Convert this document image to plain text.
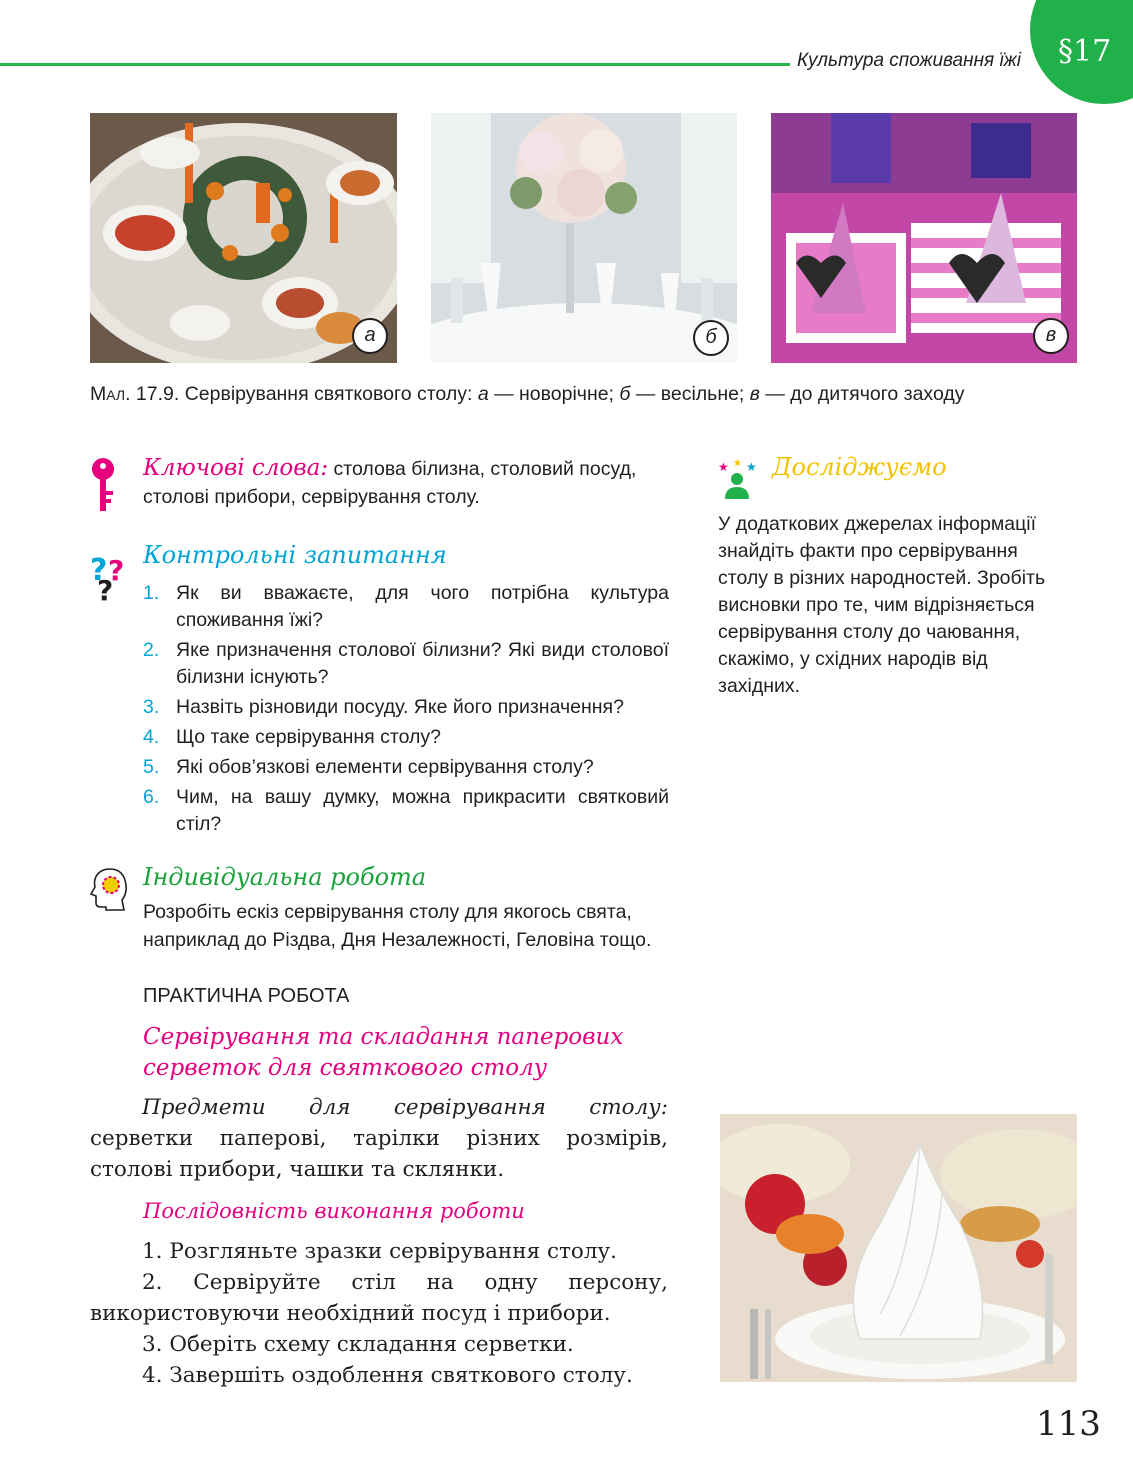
Культура споживання їжі §17
а	б	в
Мал. 17.9. Сервірування святкового столу: а — новорічне; б — весільне; в — до дитячого заходу
Ключові слова: столова білизна, столовий посуд,
столові прибори, сервірування столу.
? ?
?
Контрольні запитання
1. Як ви вважаєте, для чого потрібна культура споживання їжі?
2. Яке призначення столової білизни? Які види столової білизни існують?
3. Назвіть різновиди посуду. Яке його призначення?
4. Що таке сервірування столу?
5. Які обов’язкові елементи сервірування столу?
6. Чим, на вашу думку, можна прикрасити святковий стіл?
Індивідуальна робота
Розробіть ескіз сервірування столу для якогось свята, наприклад до Різдва, Дня Незалежності, Геловіна тощо.
ПРАКТИЧНА РОБОТА
Сервірування та складання паперових серветок для святкового столу

Предмети для сервірування столу: серветки паперові, тарілки різних розмірів, столові прибори, чашки та склянки.

Послідовність виконання роботи

1. Розгляньте зразки сервірування столу.

2. Сервіруйте стіл на одну персону, використовуючи необхідний посуд і прибори.

3. Оберіть схему складання серветки.

4. Завершіть оздоблення святкового столу.

★ ★ ★ Досліджуємо
У додаткових джерелах інформації знайдіть факти про сервірування столу в різних народностей. Зробіть висновки про те, чим відрізняється сервірування столу до чаювання, скажімо, у східних народів від західних.
113
